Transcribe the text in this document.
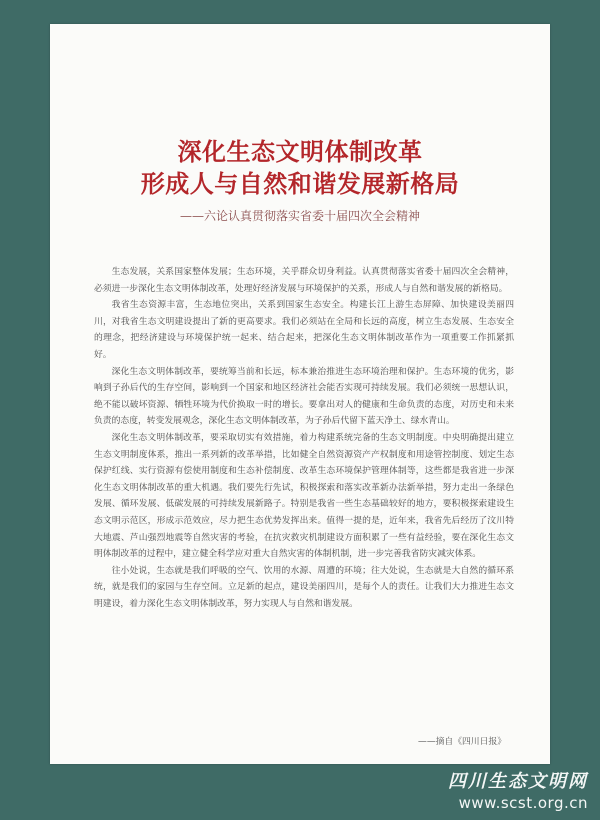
深化生态文明体制改革
形成人与自然和谐发展新格局
——六论认真贯彻落实省委十届四次全会精神

生态发展，关系国家整体发展；生态环境，关乎群众切身利益。认真贯彻落实省委十届四次全会精神，必须进一步深化生态文明体制改革，处理好经济发展与环境保护的关系，形成人与自然和谐发展的新格局。

我省生态资源丰富，生态地位突出，关系到国家生态安全。构建长江上游生态屏障、加快建设美丽四川，对我省生态文明建设提出了新的更高要求。我们必须站在全局和长远的高度，树立生态发展、生态安全的理念，把经济建设与环境保护统一起来、结合起来，把深化生态文明体制改革作为一项重要工作抓紧抓好。

深化生态文明体制改革，要统筹当前和长远，标本兼治推进生态环境治理和保护。生态环境的优劣，影响到子孙后代的生存空间，影响到一个国家和地区经济社会能否实现可持续发展。我们必须统一思想认识，绝不能以破坏资源、牺牲环境为代价换取一时的增长。要拿出对人的健康和生命负责的态度，对历史和未来负责的态度，转变发展观念，深化生态文明体制改革，为子孙后代留下蓝天净土、绿水青山。

深化生态文明体制改革，要采取切实有效措施，着力构建系统完备的生态文明制度。中央明确提出建立生态文明制度体系，推出一系列新的改革举措，比如健全自然资源资产产权制度和用途管控制度、划定生态保护红线、实行资源有偿使用制度和生态补偿制度、改革生态环境保护管理体制等，这些都是我省进一步深化生态文明体制改革的重大机遇。我们要先行先试，积极探索和落实改革新办法新举措，努力走出一条绿色发展、循环发展、低碳发展的可持续发展新路子。特别是我省一些生态基础较好的地方，要积极探索建设生态文明示范区，形成示范效应，尽力把生态优势发挥出来。值得一提的是，近年来，我省先后经历了汶川特大地震、芦山强烈地震等自然灾害的考验，在抗灾救灾机制建设方面积累了一些有益经验，要在深化生态文明体制改革的过程中，建立健全科学应对重大自然灾害的体制机制，进一步完善我省防灾减灾体系。

往小处说，生态就是我们呼吸的空气、饮用的水源、周遭的环境；往大处说，生态就是大自然的循环系统，就是我们的家园与生存空间。立足新的起点，建设美丽四川，是每个人的责任。让我们大力推进生态文明建设，着力深化生态文明体制改革，努力实现人与自然和谐发展。

——摘自《四川日报》
四川生态文明网
www.scst.org.cn
